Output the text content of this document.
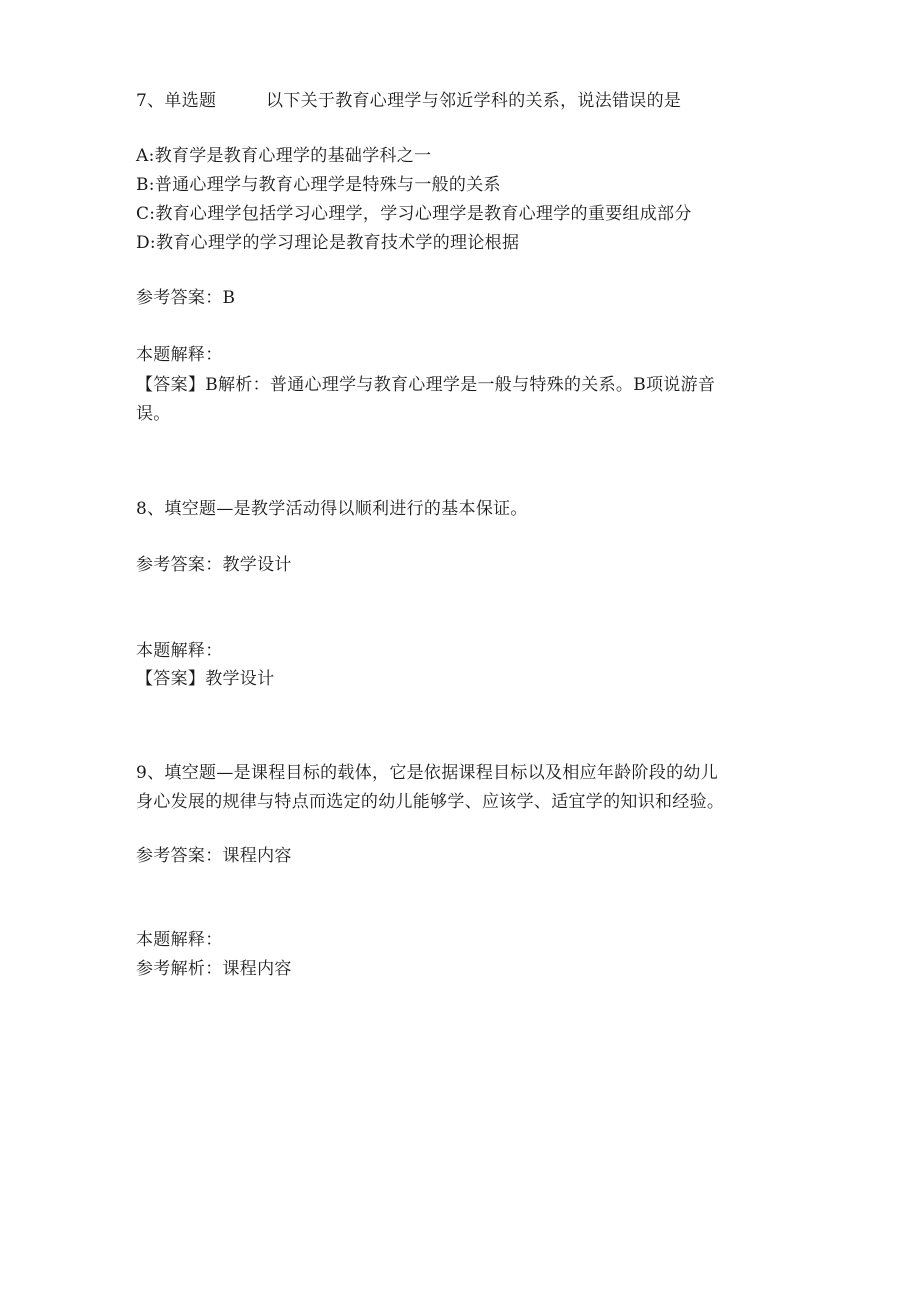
7、单选题	以下关于教育心理学与邻近学科的关系，说法错误的是
A:教育学是教育心理学的基础学科之一
B:普通心理学与教育心理学是特殊与一般的关系
C:教育心理学包括学习心理学，学习心理学是教育心理学的重要组成部分
D:教育心理学的学习理论是教育技术学的理论根据
参考答案：B
本题解释：
【答案】B解析：普通心理学与教育心理学是一般与特殊的关系。B项说游音
误。
8、填空题—是教学活动得以顺利进行的基本保证。
参考答案：教学设计
本题解释：
【答案】教学设计
9、填空题—是课程目标的载体，它是依据课程目标以及相应年龄阶段的幼儿
身心发展的规律与特点而选定的幼儿能够学、应该学、适宜学的知识和经验。
参考答案：课程内容
本题解释：
参考解析：课程内容
